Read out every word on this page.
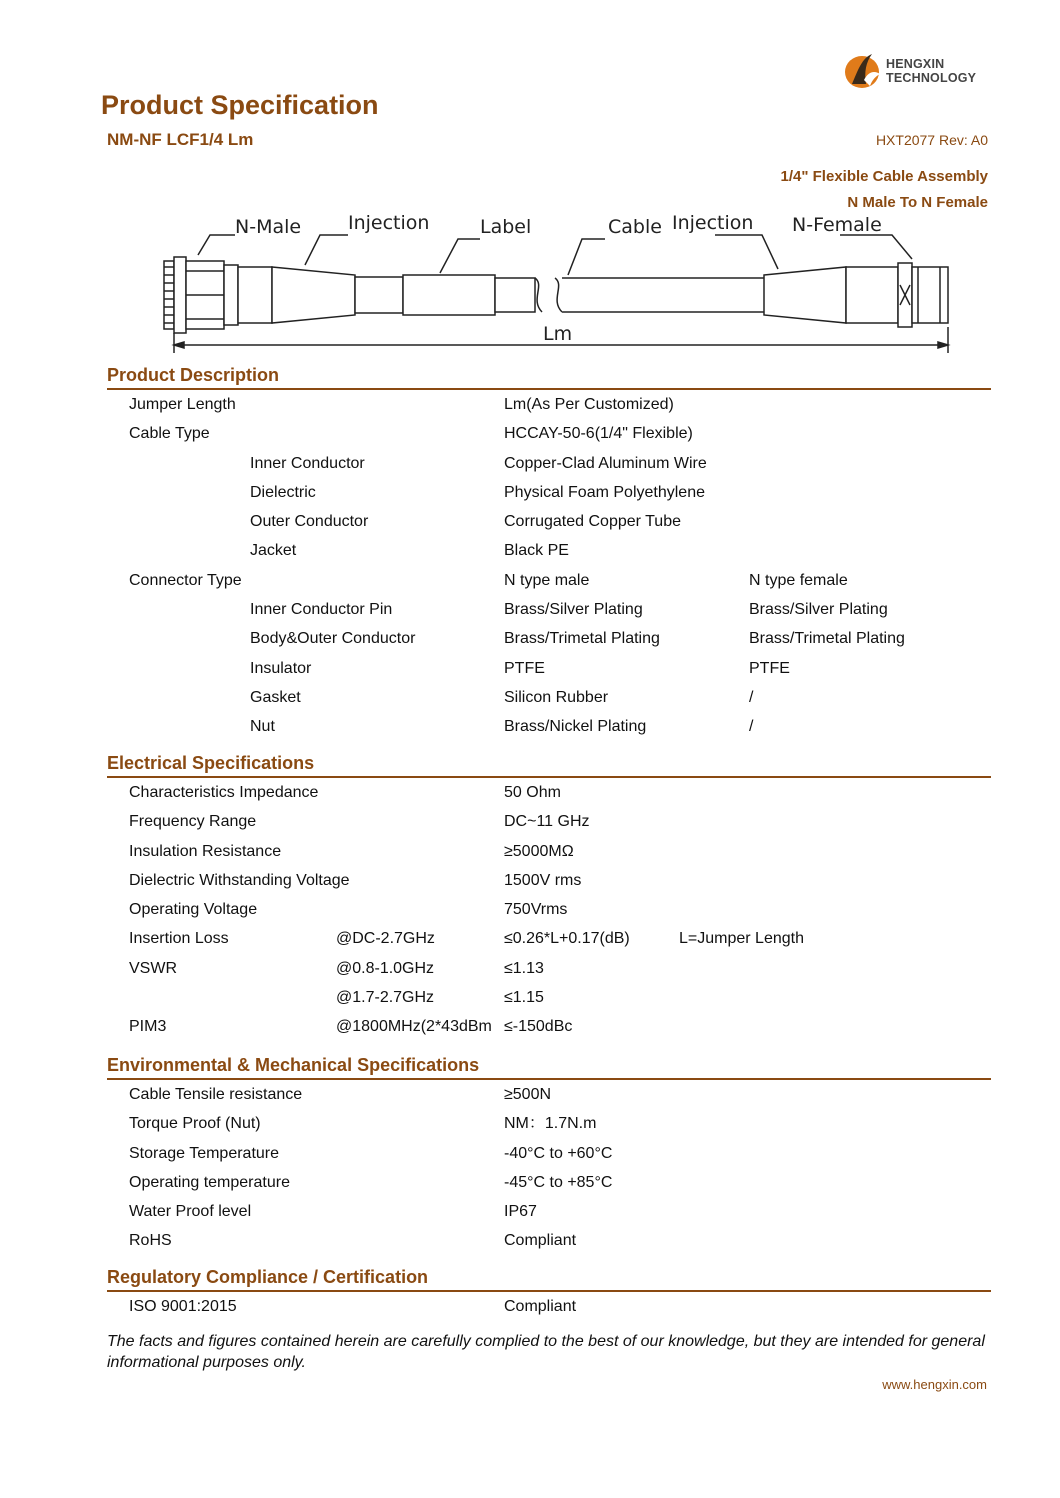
HENGXIN
TECHNOLOGY
Product Specification
NM-NF LCF1/4 Lm	HXT2077 Rev: A0
1/4" Flexible Cable Assembly
N Male To N Female
N-Male Injection	Label	Cable Injection N-Female
Lm
Product Description
Jumper Length	Lm(As Per Customized)
Cable Type	HCCAY-50-6(1/4" Flexible)
Inner Conductor	Copper-Clad Aluminum Wire
Dielectric	Physical Foam Polyethylene
Outer Conductor	Corrugated Copper Tube
Jacket	Black PE
Connector Type	N type male	N type female
Inner Conductor Pin	Brass/Silver Plating	Brass/Silver Plating
Body&Outer Conductor	Brass/Trimetal Plating	Brass/Trimetal Plating
Insulator	PTFE	PTFE
Gasket	Silicon Rubber	/
Nut	Brass/Nickel Plating	/
Electrical Specifications
Characteristics Impedance	50 Ohm
Frequency Range	DC~11 GHz
Insulation Resistance	≥5000MΩ
Dielectric Withstanding Voltage	1500V rms
Operating Voltage	750Vrms
Insertion Loss	@DC-2.7GHz	≤0.26*L+0.17(dB)	L=Jumper Length
VSWR	@0.8-1.0GHz	≤1.13
@1.7-2.7GHz	≤1.15
PIM3	@1800MHz(2*43dBm ≤-150dBc
Environmental & Mechanical Specifications
Cable Tensile resistance	≥500N
Torque Proof (Nut)	NM：1.7N.m
Storage Temperature	-40°C to +60°C
Operating temperature	-45°C to +85°C
Water Proof level	IP67
RoHS	Compliant
Regulatory Compliance / Certification
ISO 9001:2015	Compliant
The facts and figures contained herein are carefully complied to the best of our knowledge, but they are intended for general informational purposes only.
www.hengxin.com
